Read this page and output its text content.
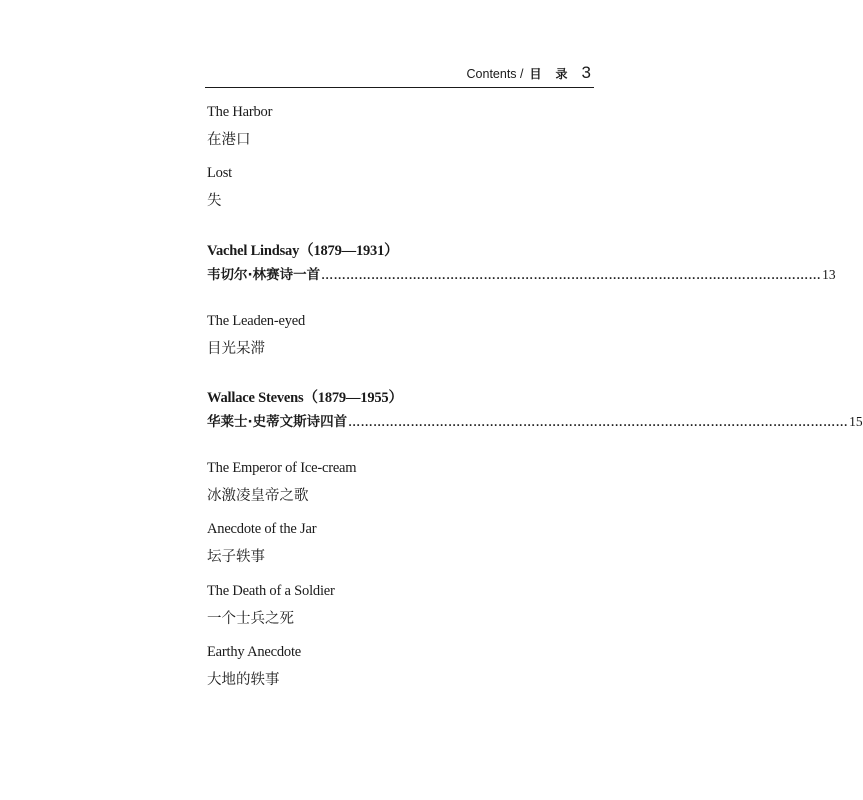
Contents / 目录 3
The Harbor
在港口
Lost
失
Vachel Lindsay（1879—1931）
韦切尔·林赛诗一首 ………………………………………………………………………………………………………… 13
The Leaden-eyed
目光呆滞
Wallace Stevens（1879—1955）
华莱士·史蒂文斯诗四首 ………………………………………………………………………………………………………… 15
The Emperor of Ice-cream
冰激凌皇帝之歌
Anecdote of the Jar
坛子轶事
The Death of a Soldier
一个士兵之死
Earthy Anecdote
大地的轶事
